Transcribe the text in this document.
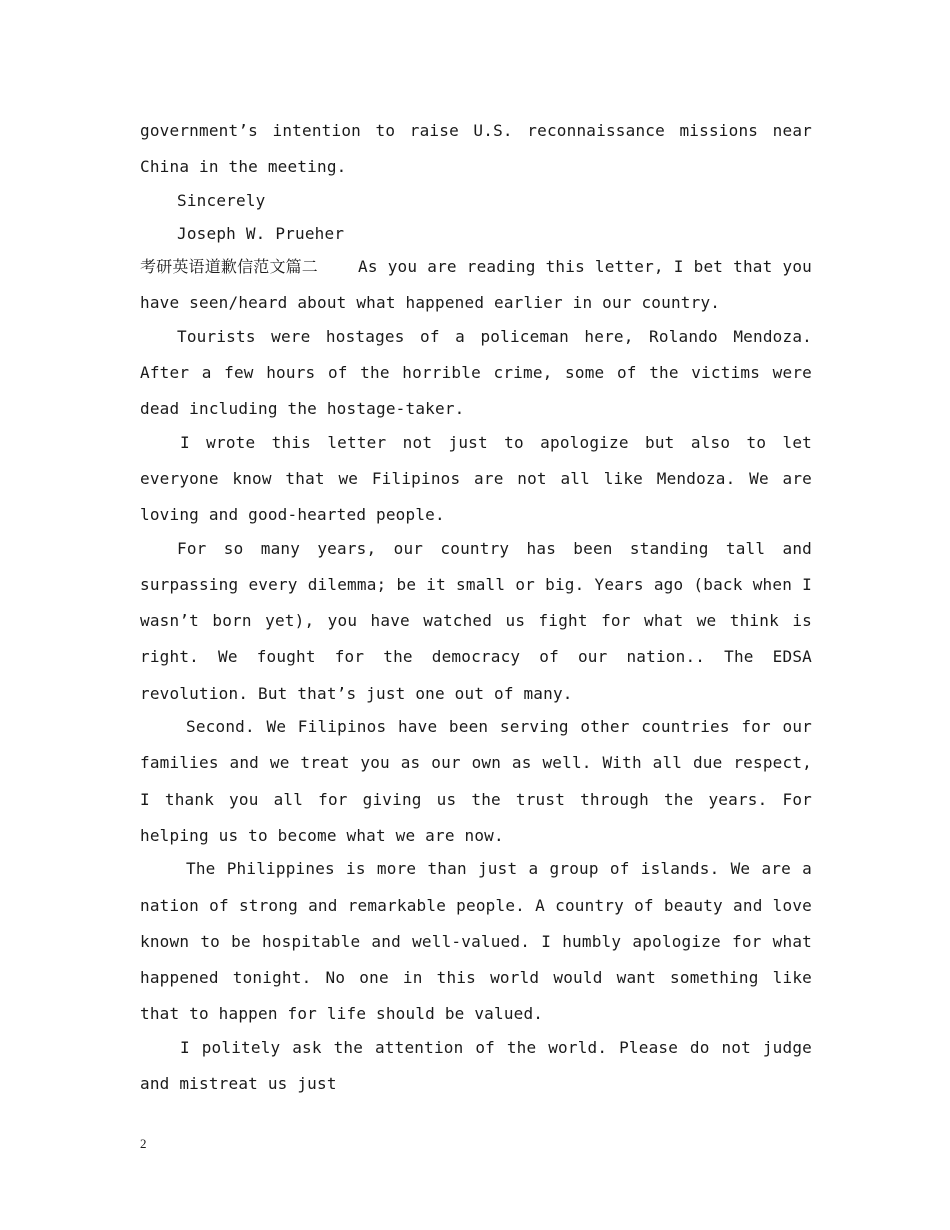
government’s intention to raise U.S. reconnaissance missions near China in the meeting.

Sincerely

Joseph W. Prueher

考研英语道歉信范文篇二	As you are reading this letter, I bet that you have seen/heard about what happened earlier in our country.

Tourists were hostages of a policeman here, Rolando Mendoza. After a few hours of the horrible crime, some of the victims were dead including the hostage-taker.

I wrote this letter not just to apologize but also to let everyone know that we Filipinos are not all like Mendoza. We are loving and good-hearted people.

For so many years, our country has been standing tall and surpassing every dilemma; be it small or big. Years ago (back when I wasn’t born yet), you have watched us fight for what we think is right. We fought for the democracy of our nation.. The EDSA revolution. But that’s just one out of many.

Second. We Filipinos have been serving other countries for our families and we treat you as our own as well. With all due respect, I thank you all for giving us the trust through the years. For helping us to become what we are now.

The Philippines is more than just a group of islands. We are a nation of strong and remarkable people. A country of beauty and love known to be hospitable and well-valued. I humbly apologize for what happened tonight. No one in this world would want something like that to happen for life should be valued.

I politely ask the attention of the world. Please do not judge and mistreat us just

2
